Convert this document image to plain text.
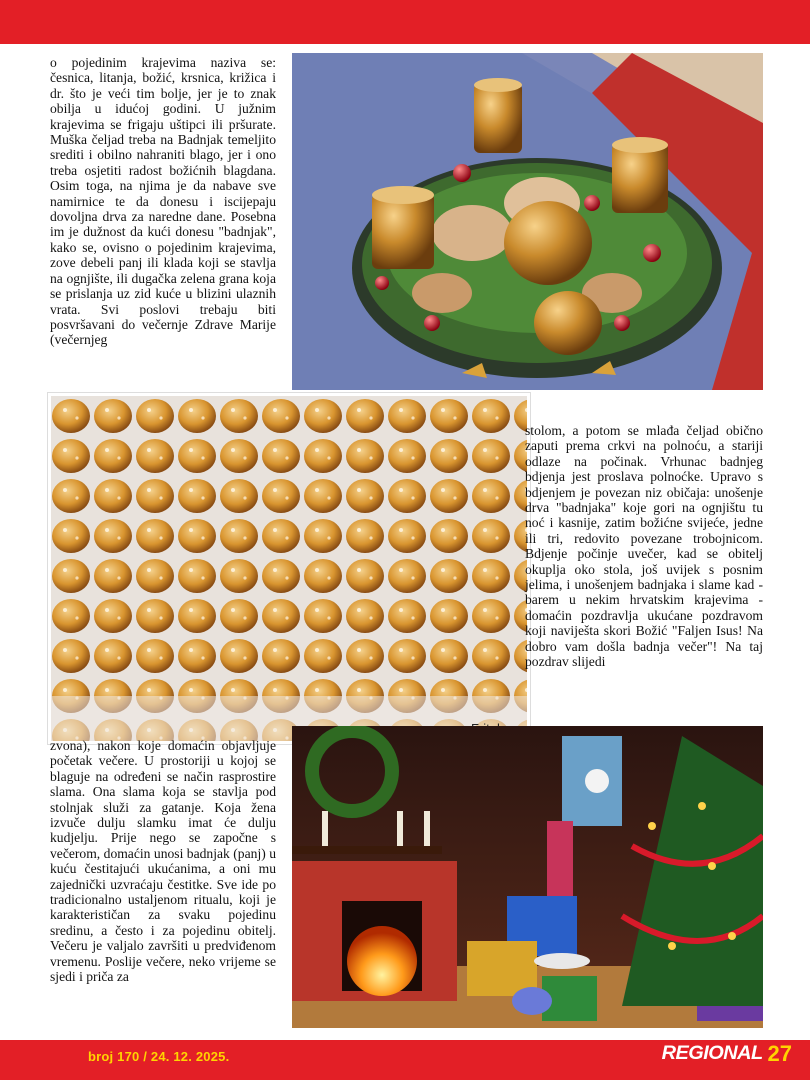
o pojedinim krajevima naziva se: česnica, litanja, božić, krsnica, križica i dr. što je veći tim bolje, jer je to znak obilja u idućoj godini. U južnim krajevima se frigaju uštipci ili pršurate. Muška čeljad treba na Badnjak temeljito srediti i obilno nahraniti blago, jer i ono treba osjetiti radost božićnih blagdana. Osim toga, na njima je da nabave sve namirnice te da donesu i iscijepaju dovoljna drva za naredne dane. Posebna im je dužnost da kući donesu "badnjak", kako se, ovisno o pojedinim krajevima, zove debeli panj ili klada koji se stavlja na ognjište, ili dugačka zelena grana koja se prislanja uz zid kuće u blizini ulaznih vrata. Svi poslovi trebaju biti posvršavani do večernje Zdrave Marije (večernjeg

stolom, a potom se mlađa čeljad obično zaputi prema crkvi na polnoću, a stariji odlaze na počinak. Vrhunac badnjeg bdjenja jest proslava polnoćke. Upravo s bdjenjem je povezan niz običaja: unošenje drva "badnjaka" koje gori na ognjištu tu noć i kasnije, zatim božićne svijeće, jedne ili tri, redovito povezane trobojnicom. Bdjenje počinje uvečer, kad se obitelj okuplja oko stola, još uvijek s posnim jelima, i unošenjem badnjaka i slame kad - barem u nekim hrvatskim krajevima - domaćin pozdravlja ukućane pozdravom koji naviješta skori Božić "Faljen Isus! Na dobro vam došla badnja večer"! Na taj pozdrav slijedi

zvona), nakon koje domaćin objavljuje početak večere. U prostoriji u kojoj se blaguje na određeni se način rasprostire slama. Ona slama koja se stavlja pod stolnjak služi za gatanje. Koja žena izvuče dulju slamku imat će dulju kudjelju. Prije nego se započne s večerom, domaćin unosi badnjak (panj) u kuću čestitajući ukućanima, a oni mu zajednički uzvraćaju čestitke. Sve ide po tradicionalno ustaljenom ritualu, koji je karakterističan za svaku pojedinu sredinu, a često i za pojedinu obitelj. Večeru je valjalo završiti u predviđenom vremenu. Poslije večere, neko vrijeme se sjedi i priča za

broj 170 / 24. 12. 2025.	REGIONAL 27
